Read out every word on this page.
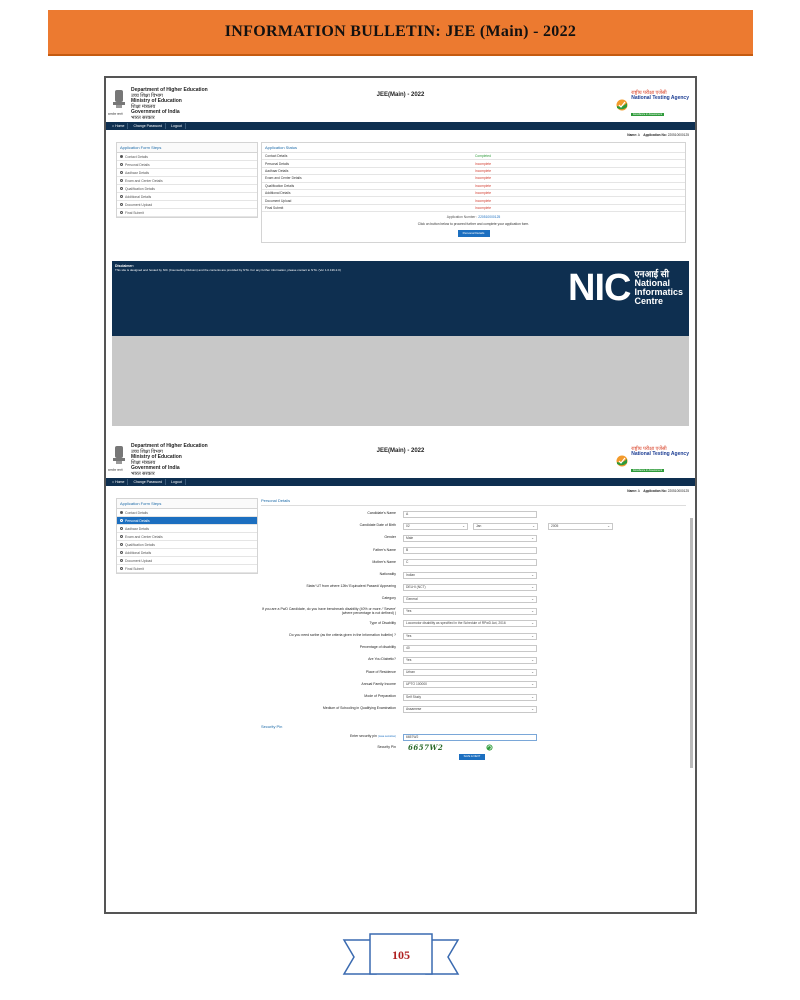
INFORMATION BULLETIN: JEE (Main) - 2022
सत्यमेव जयते
Department of Higher Education
उच्च शिक्षा विभाग
Ministry of Education
शिक्षा मंत्रालय
Government of India
भारत सरकार
JEE(Main) - 2022	राष्ट्रीय परीक्षा एजेंसी
National Testing Agency
Excellence in Assessment
⌂ Home	Change Password	Logout
Name: A Application No: 220510000125
Application Form Steps
Contact Details
Personal Details
Aadhaar Details
Exam and Center Details
Qualification Details
Additional Details
Document Upload
Final Submit
Application Status
Contact Details	Completed
Personal Details	Incomplete
Aadhaar Details	Incomplete
Exam and Center Details	Incomplete
Qualification Details	Incomplete
Additional Details	Incomplete
Document Upload	Incomplete
Final Submit	Incomplete
Application Number : 220510000125
Click on button below to proceed further and complete your application form.
Personal Details
Disclaimer:
This site is designed and hosted by NIC (Counselling Division) and the contents are provided by NTA. For any further information, please contact to NTA. (Ver 1.0.136.2.0)	NIC एनआई सी
National
Informatics
Centre
सत्यमेव जयते
Department of Higher Education
उच्च शिक्षा विभाग
Ministry of Education
शिक्षा मंत्रालय
Government of India
भारत सरकार
JEE(Main) - 2022	राष्ट्रीय परीक्षा एजेंसी
National Testing Agency
Excellence in Assessment
⌂ Home	Change Password	Logout
Name: A Application No: 220510000125
Application Form Steps
Contact Details
Personal Details
Aadhaar Details
Exam and Center Details
Qualification Details
Additional Details
Document Upload
Final Submit
Personal Details
Candidate's Name	A
Candidate Date of Birth	02	⌄	Jan	⌄	2005	⌄
Gender	Male	⌄
Father's Name	B
Mother's Name	C
Nationality	Indian	⌄
State/ UT from where 12th/ Equivalent Passed/ Appearing	DELHI (NCT)	⌄
Category	General	⌄
If you are a PwD Candidate, do you have benchmark disability (40% or more / 'Severe' (where percentage is not defined) )	Yes	⌄
Type of Disability	Locomotor disability as specified in the Schedule of RPwD Act, 2016	⌄
Do you need scribe (as the criteria given in the Information bulletin) ?	Yes	⌄
Percentage of disability	40
Are You Diabetic?	Yes	⌄
Place of Residence	Urban	⌄
Annual Family Income	UPTO 100000	⌄
Mode of Preparation	Self Study	⌄
Medium of Schooling in Qualifying Examination	Assamese	⌄
Security Pin
Enter security pin (case sensitive)	6657W2
Security Pin	6657W2
SAVE & NEXT
105
